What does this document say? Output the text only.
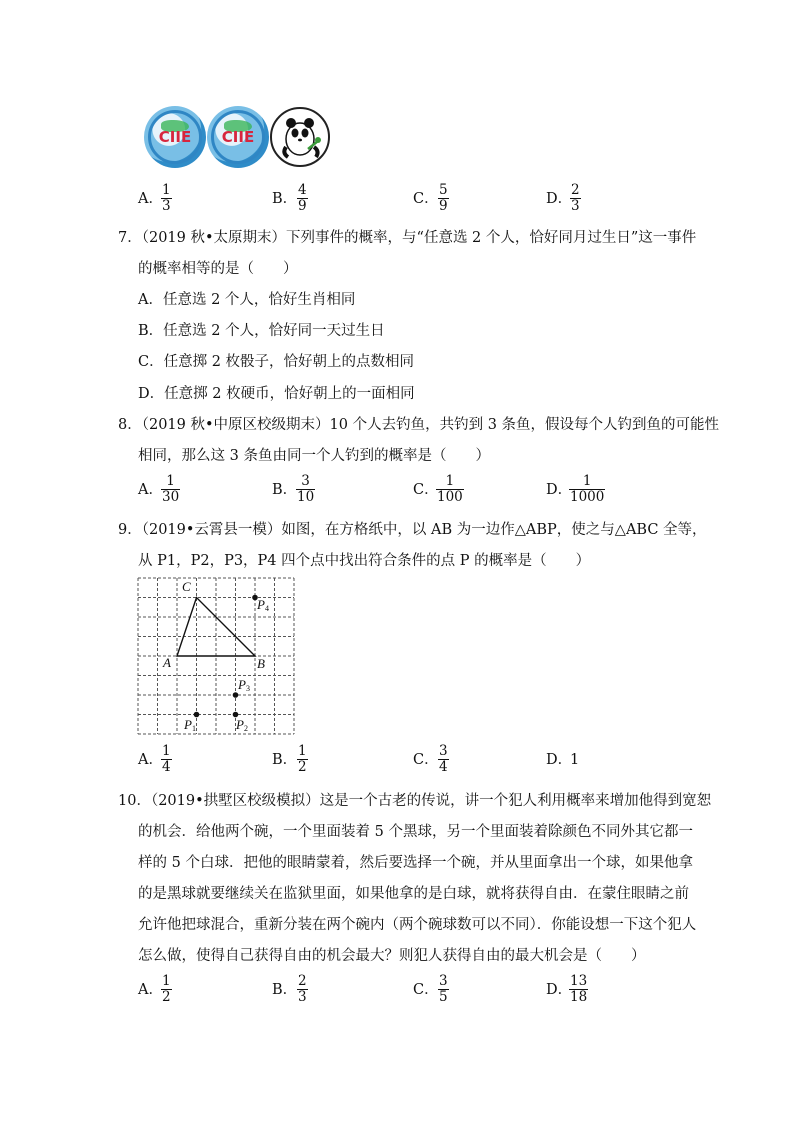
CIIE	CIIE
A．
$\frac{1}{3}$	B． $\frac{4}{9}$	C． $\frac{5}{9}$	D．
$\frac{2}{3}$
7．（2019 秋•太原期末）下列事件的概率，与“任意选 2 个人，恰好同月过生日”这一事件
的概率相等的是（　　）
A．任意选 2 个人，恰好生肖相同
B．任意选 2 个人，恰好同一天过生日
C．任意掷 2 枚骰子，恰好朝上的点数相同
D．任意掷 2 枚硬币，恰好朝上的一面相同
8．（2019 秋•中原区校级期末）10 个人去钓鱼，共钓到 3 条鱼，假设每个人钓到鱼的可能性
相同，那么这 3 条鱼由同一个人钓到的概率是（　　）
A．
$\frac{1}{30}$	B．
$\frac{3}{10}$	C．
$\frac{1}{100}$	D．
$\frac{1}{1000}$
9．（2019•云霄县一模）如图，在方格纸中，以 AB 为一边作△ABP，使之与△ABC 全等，
从 P1，P2，P3，P4 四个点中找出符合条件的点 P 的概率是（　　）
C
A	B
P 4
P 3
P 1	P 2
A．
$\frac{1}{4}$	B． $\frac{1}{2}$	C． $\frac{3}{4}$	D．
1
10．（2019•拱墅区校级模拟）这是一个古老的传说，讲一个犯人利用概率来增加他得到宽恕
的机会．给他两个碗，一个里面装着 5 个黑球，另一个里面装着除颜色不同外其它都一
样的 5 个白球．把他的眼睛蒙着，然后要选择一个碗，并从里面拿出一个球，如果他拿
的是黑球就要继续关在监狱里面，如果他拿的是白球，就将获得自由．在蒙住眼睛之前
允许他把球混合，重新分装在两个碗内（两个碗球数可以不同）．你能设想一下这个犯人
怎么做，使得自己获得自由的机会最大？则犯人获得自由的最大机会是（　　）
A．
$\frac{1}{2}$	B． $\frac{2}{3}$	C． $\frac{3}{5}$	D．
$\frac{13}{18}$
